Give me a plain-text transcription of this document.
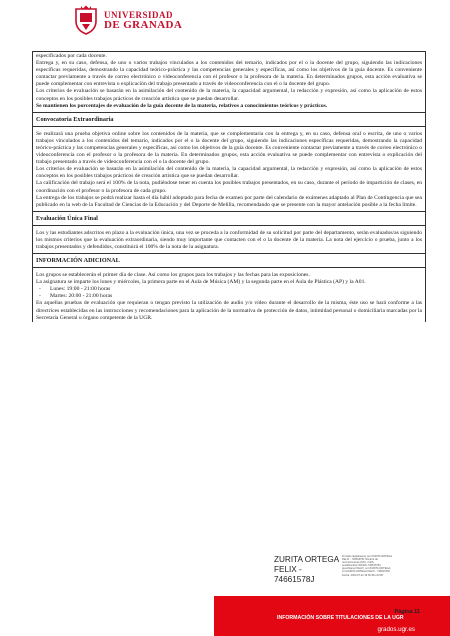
especificados por cada docente.

Entrega y, en su caso, defensa, de uno o varios trabajos vinculados a los contenidos del temario, indicados por el o la docente del grupo, siguiendo las indicaciones específicas requeridas, demostrando la capacidad teórico-práctica y las competencias generales y específicas, así como los objetivos de la guía docente. Es conveniente contactar previamente a través de correo electrónico o videoconferencia con el profesor o la profesora de la materia. En determinados grupos, esta acción evaluativa se puede complementar con entrevista o explicación del trabajo presentado a través de videoconferencia con el o la docente del grupo.

Los criterios de evaluación se basarán en la asimilación del contenido de la materia, la capacidad argumental, la redacción y expresión, así como la aplicación de estos conceptos en los posibles trabajos prácticos de creación artística que se puedan desarrollar.

Se mantienen los porcentajes de evaluación de la guía docente de la materia, relativos a conocimientos teóricos y prácticos.

Convocatoria Extraordinaria

Se realizará una prueba objetiva online sobre los contenidos de la materia, que se complementaría con la entrega y, en su caso, defensa oral o escrita, de uno o varios trabajos vinculados a los contenidos del temario, indicados por el o la docente del grupo, siguiendo las indicaciones específicas requeridas, demostrando la capacidad teórico-práctica y las competencias generales y específicas, así como los objetivos de la guía docente. Es conveniente contactar previamente a través de correo electrónico o videoconferencia con el profesor o la profesora de la materia. En determinados grupos, esta acción evaluativa se puede complementar con entrevista o explicación del trabajo presentado a través de videoconferencia con el o la docente del grupo.

Los criterios de evaluación se basarán en la asimilación del contenido de la materia, la capacidad argumental, la redacción y expresión, así como la aplicación de estos conceptos en los posibles trabajos prácticos de creación artística que se puedan desarrollar.

La calificación del trabajo será el 100% de la nota, pudiéndose tener en cuenta los posibles trabajos presentados, en su caso, durante el período de impartición de clases, en coordinación con el profesor o la profesora de cada grupo.

La entrega de los trabajos se podrá realizar hasta el día hábil adoptado para fecha de examen por parte del calendario de exámenes adaptado al Plan de Contingencia que sea publicado en la web de la Facultad de Ciencias de la Educación y del Deporte de Melilla, recomendando que se presente con la mayor antelación posible a la fecha límite.

Evaluación Única Final

Los y las estudiantes adscritos en plazo a la evaluación única, una vez se proceda a la conformidad de su solicitud por parte del departamento, serán evaluados/as siguiendo los mismos criterios que la evaluación extraordinaria, siendo muy importante que contacten con el o la docente de la materia. La nota del ejercicio o prueba, junto a los trabajos presentados y defendidos, constituirá el 100% de la nota de la asignatura.

INFORMACIÓN ADICIONAL

Los grupos se establecerán el primer día de clase. Así como los grupos para los trabajos y las fechas para las exposiciones.

La asignatura se imparte los lunes y miércoles, la primera parte en el Aula de Música (AM) y la segunda parte en el Aula de Plástica (AP) y la A01.

- Lunes: 19:00 - 21:00 horas
- Martes: 20:00 - 21:00 horas

En aquellas pruebas de evaluación que requieran o tengan previsto la utilización de audio y/o vídeo durante el desarrollo de la misma, éste uso se hará conforme a las directrices establecidas en las instrucciones y recomendaciones para la aplicación de la normativa de protección de datos, intimidad personal o domiciliaria marcadas por la Secretaría General u órgano competente de la UGR.

ZURITA ORTEGA FELIX - 74661578J
Firmado digitalmente por ZURITA ORTEGA FELIX - 74661578J Nombre de reconocimiento (DN): c=ES, serialNumber=IDCES-74661578J, givenName=FELIX, sn=ZURITA ORTEGA, cn=ZURITA ORTEGA FELIX - 74661578J Fecha: 2020.07.02 16:50:38 +02'00'
UNIVERSIDAD
DE GRANADA
Página 11
INFORMACIÓN SOBRE TITULACIONES DE LA UGR
grados.ugr.es
